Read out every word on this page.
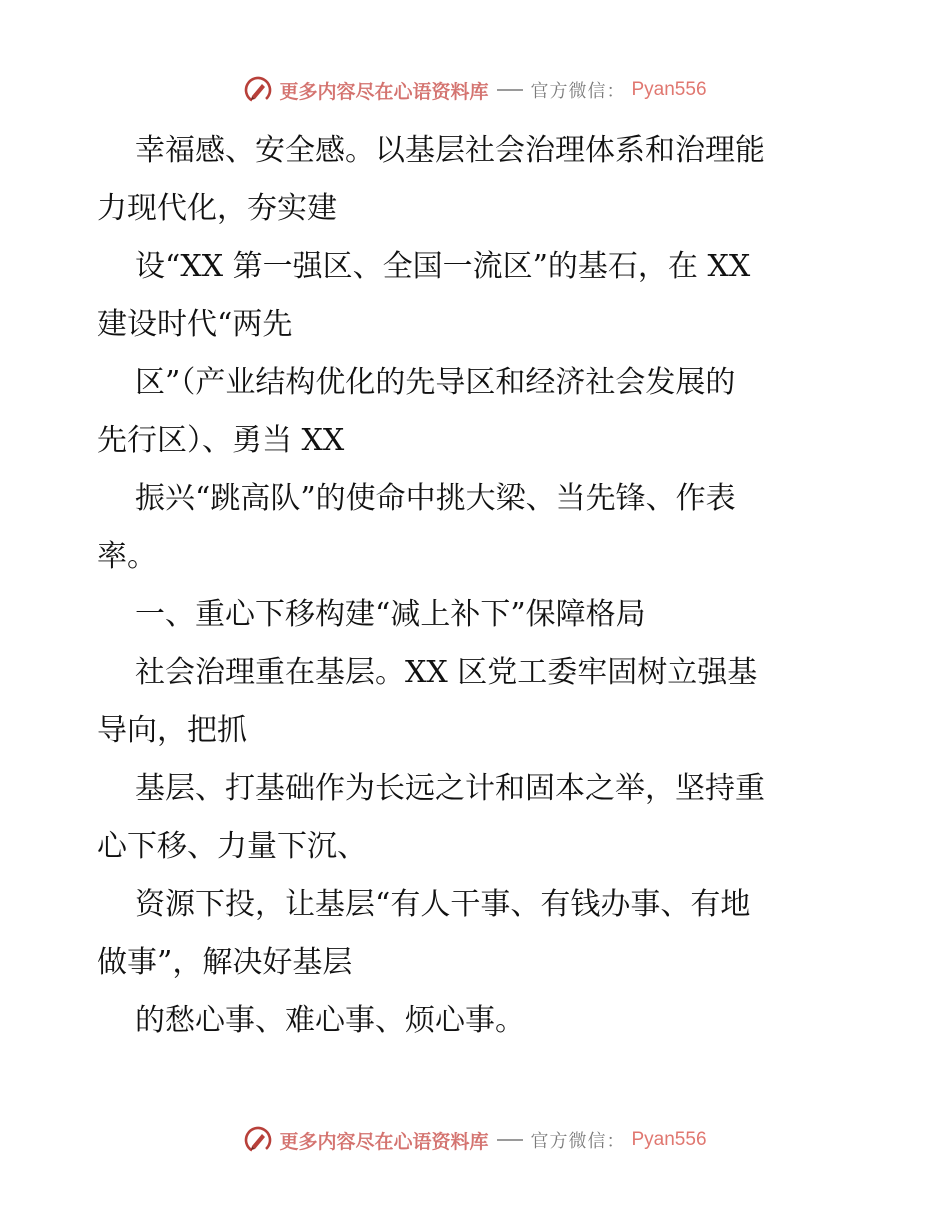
更多内容尽在心语资料库 官方微信： Pyan556
幸福感、安全感。以基层社会治理体系和治理能
力现代化，夯实建
设“XX 第一强区、全国一流区”的基石，在 XX
建设时代“两先
区”（产业结构优化的先导区和经济社会发展的
先行区）、勇当 XX
振兴“跳高队”的使命中挑大梁、当先锋、作表
率。
一、重心下移构建“减上补下”保障格局
社会治理重在基层。XX 区党工委牢固树立强基
导向，把抓
基层、打基础作为长远之计和固本之举，坚持重
心下移、力量下沉、
资源下投，让基层“有人干事、有钱办事、有地
做事”，解决好基层
的愁心事、难心事、烦心事。
更多内容尽在心语资料库 官方微信： Pyan556
